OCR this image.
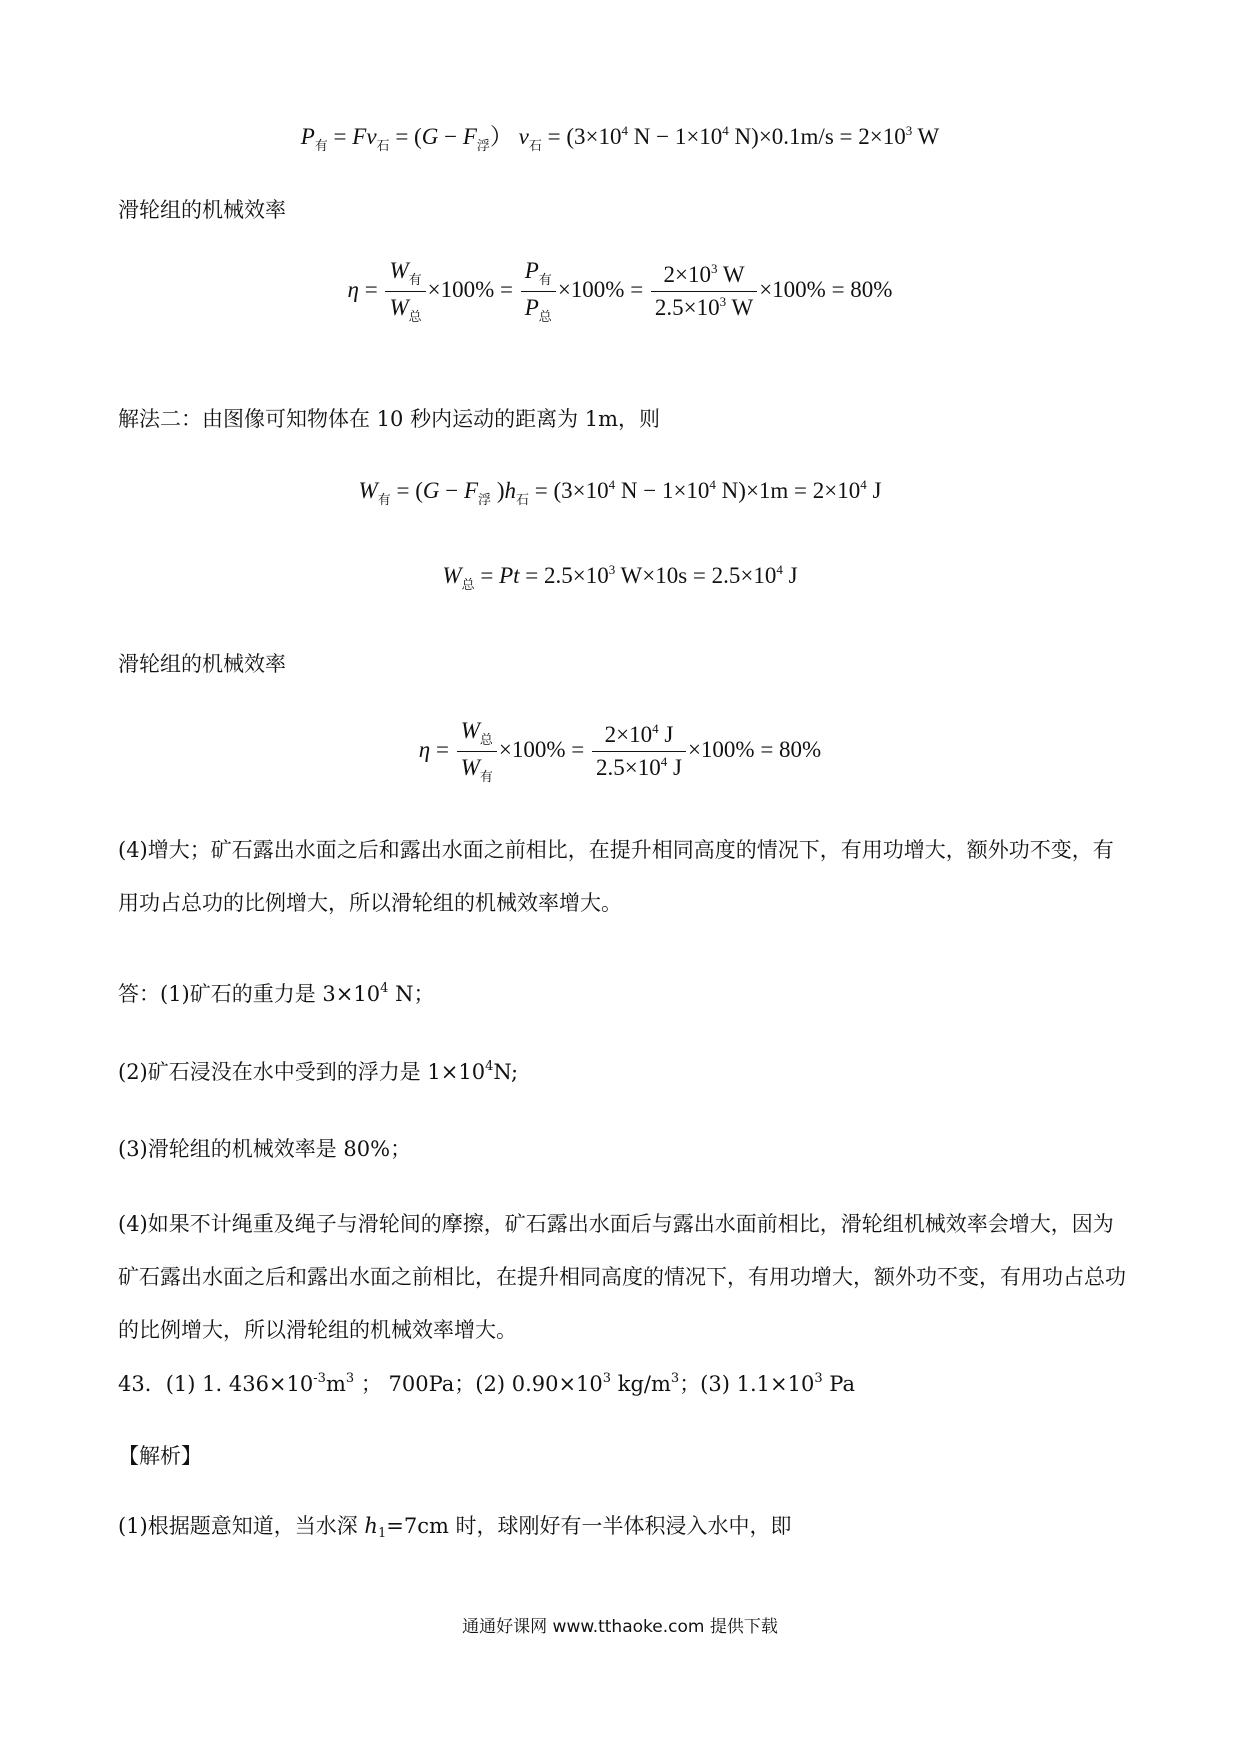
$P_有 = Fv_石 = (G - F_浮)$ $v_石 = (3\times 10^4$ $N - 1\times 10^4$ $N)\times 0.1m/s = 2\times 10^3$ W
滑轮组的机械效率
$\eta = \frac{W_有}{W_总} \times 100\% = \frac{P_有}{P_总} \times 100\% = \frac{2\times 10^3 W}{2.5\times 10^3 W} \times 100\% = 80\%$
解法二：由图像可知物体在 10 秒内运动的距离为 1m，则
$W_有 = (G - F_浮$ )$h_石 = (3\times 10^4$ $N - 1\times 10^4$ $N)\times 1m = 2\times 10^4$ J
$W_总 = Pt = 2.5\times 10^3$ $W\times 10s = 2.5\times 10^4$ J
滑轮组的机械效率
$\eta = \frac{W_总}{W_有} \times 100\% = \frac{2\times 10^4 J}{2.5\times 10^4 J} \times 100\% = 80\%$
(4)增大；矿石露出水面之后和露出水面之前相比，在提升相同高度的情况下，有用功增大，额外功不变，有用功占总功的比例增大，所以滑轮组的机械效率增大。
答：(1)矿石的重力是 $3\times 10^4$ N；
(2)矿石浸没在水中受到的浮力是 $1\times 10^4N$;
(3)滑轮组的机械效率是 80%；
(4)如果不计绳重及绳子与滑轮间的摩擦，矿石露出水面后与露出水面前相比，滑轮组机械效率会增大，因为矿石露出水面之后和露出水面之前相比，在提升相同高度的情况下，有用功增大，额外功不变，有用功占总功的比例增大，所以滑轮组的机械效率增大。
43．(1) 1. $436\times 10^{-3}m^3$ ； 700Pa；(2) $0.90\times 10^3$ $kg/m^3$；(3) $1.1\times 10^3$ Pa
【解析】
(1)根据题意知道，当水深 $h_1=7cm$ 时，球刚好有一半体积浸入水中，即
通通好课网 www.tthaoke.com 提供下载
